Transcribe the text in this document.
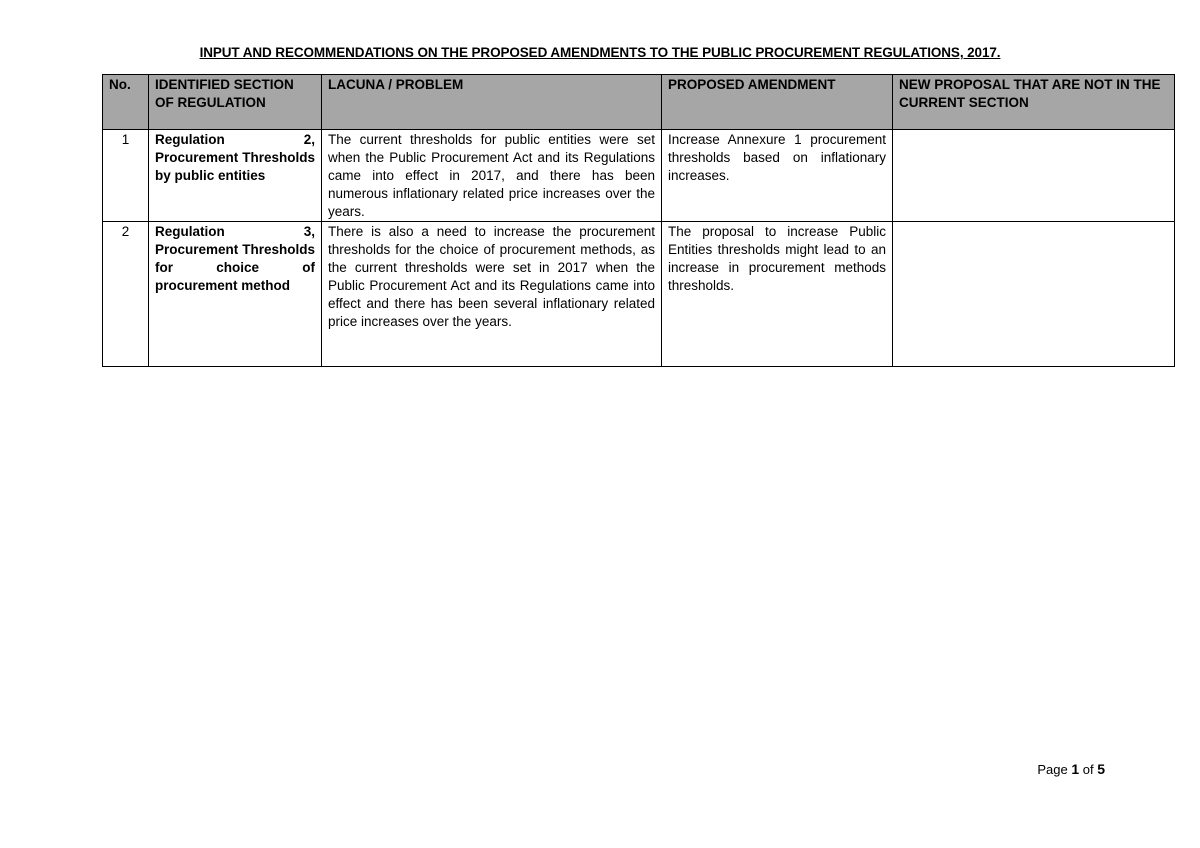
INPUT AND RECOMMENDATIONS ON THE PROPOSED AMENDMENTS TO THE PUBLIC PROCUREMENT REGULATIONS, 2017.
No.	IDENTIFIED SECTION OF REGULATION	LACUNA / PROBLEM	PROPOSED AMENDMENT	NEW PROPOSAL THAT ARE NOT IN THE CURRENT SECTION
1	Regulation 2, Procurement Thresholds by public entities	The current thresholds for public entities were set when the Public Procurement Act and its Regulations came into effect in 2017, and there has been numerous inflationary related price increases over the years.	Increase Annexure 1 procurement thresholds based on inflationary increases.	
2	Regulation 3, Procurement Thresholds for choice of procurement method	There is also a need to increase the procurement thresholds for the choice of procurement methods, as the current thresholds were set in 2017 when the Public Procurement Act and its Regulations came into effect and there has been several inflationary related price increases over the years.	The proposal to increase Public Entities thresholds might lead to an increase in procurement methods thresholds.	
Page 1 of 5
